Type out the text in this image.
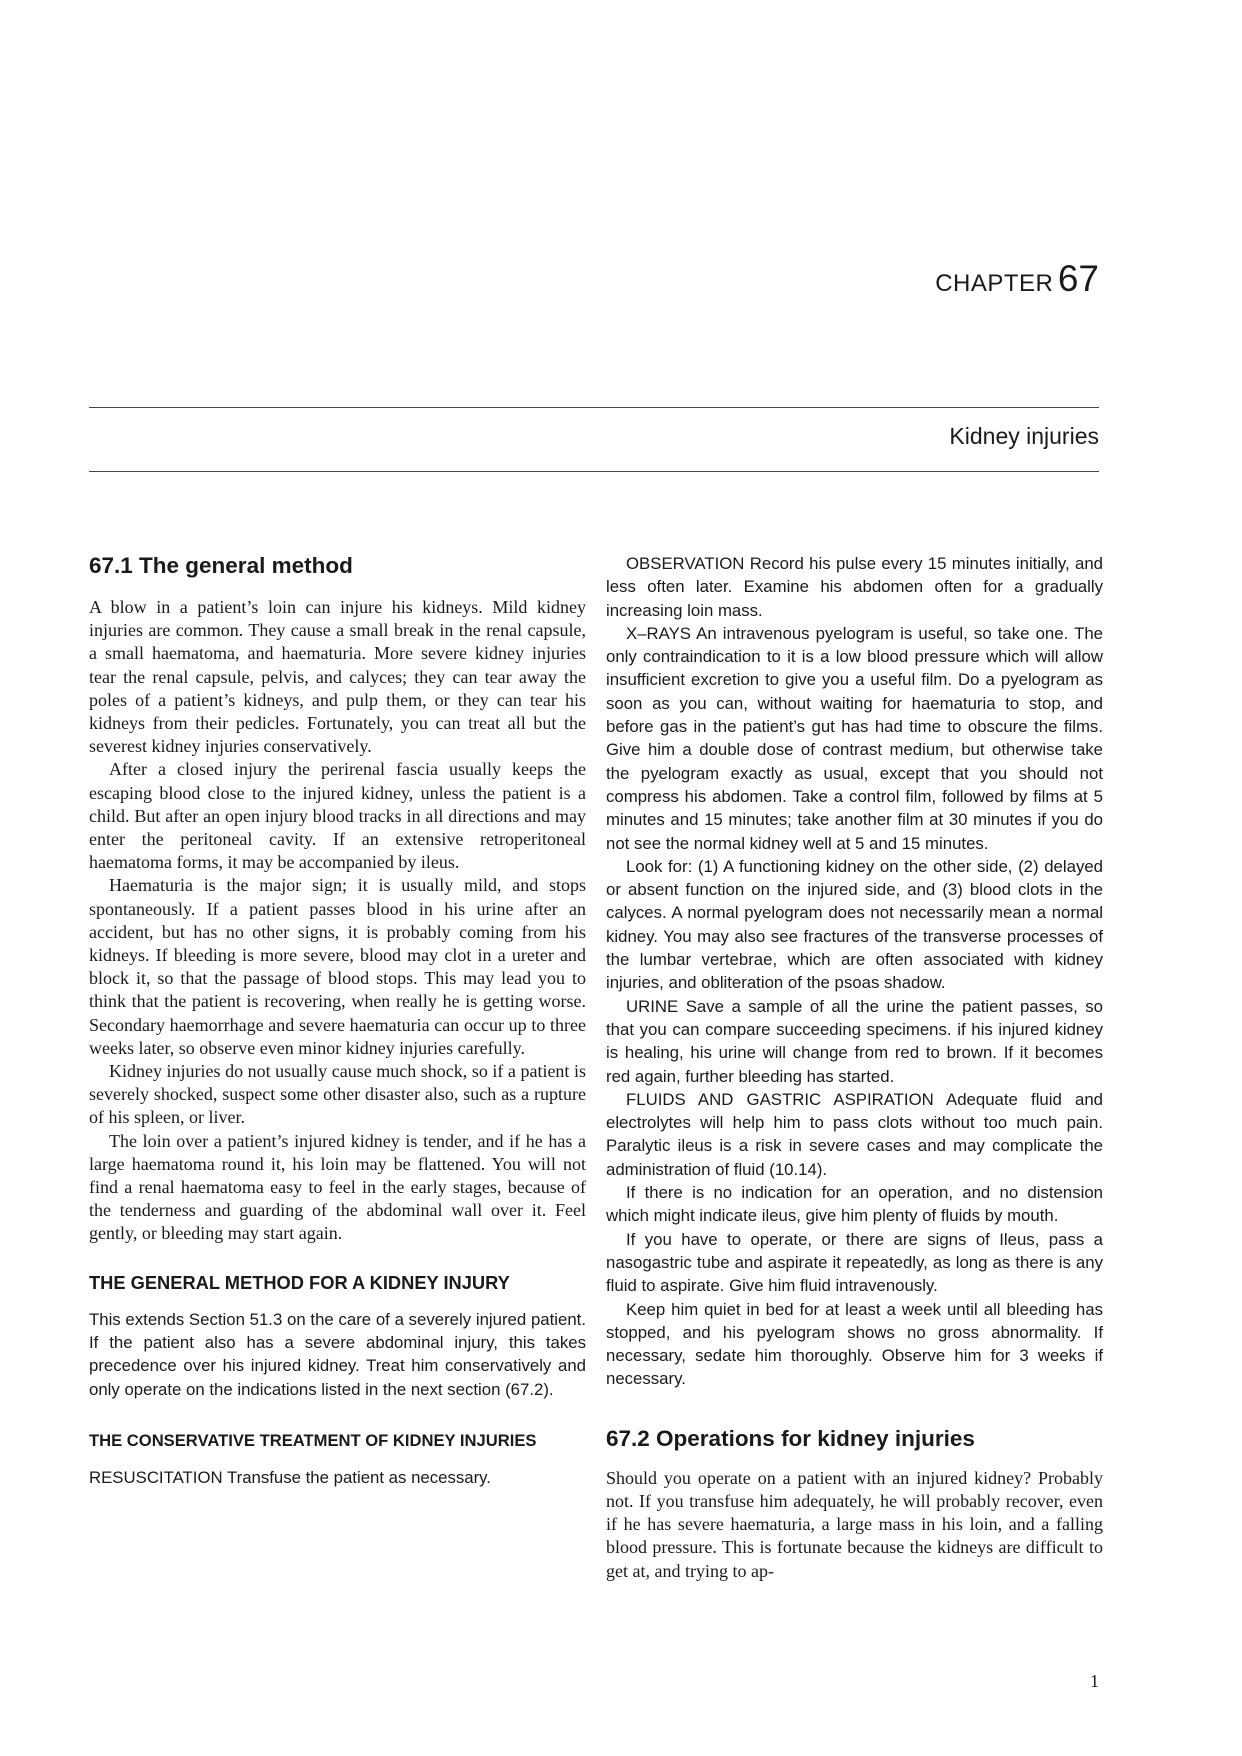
CHAPTER 67
Kidney injuries
67.1 The general method

A blow in a patient’s loin can injure his kidneys. Mild kidney injuries are common. They cause a small break in the renal capsule, a small haematoma, and haematuria. More severe kidney injuries tear the renal capsule, pelvis, and calyces; they can tear away the poles of a patient’s kidneys, and pulp them, or they can tear his kidneys from their pedicles. Fortunately, you can treat all but the severest kidney injuries conservatively.

After a closed injury the perirenal fascia usually keeps the escaping blood close to the injured kidney, unless the patient is a child. But after an open injury blood tracks in all directions and may enter the peritoneal cavity. If an extensive retroperitoneal haematoma forms, it may be accompanied by ileus.

Haematuria is the major sign; it is usually mild, and stops spontaneously. If a patient passes blood in his urine after an accident, but has no other signs, it is probably coming from his kidneys. If bleeding is more severe, blood may clot in a ureter and block it, so that the passage of blood stops. This may lead you to think that the patient is recovering, when really he is getting worse. Secondary haemorrhage and severe haematuria can occur up to three weeks later, so observe even minor kidney injuries carefully.

Kidney injuries do not usually cause much shock, so if a patient is severely shocked, suspect some other disaster also, such as a rupture of his spleen, or liver.

The loin over a patient’s injured kidney is tender, and if he has a large haematoma round it, his loin may be flattened. You will not find a renal haematoma easy to feel in the early stages, because of the tenderness and guarding of the abdominal wall over it. Feel gently, or bleeding may start again.

THE GENERAL METHOD FOR A KIDNEY INJURY

This extends Section 51.3 on the care of a severely injured patient. If the patient also has a severe abdominal injury, this takes precedence over his injured kidney. Treat him conservatively and only operate on the indications listed in the next section (67.2).

THE CONSERVATIVE TREATMENT OF KIDNEY INJURIES

RESUSCITATION Transfuse the patient as necessary.

OBSERVATION Record his pulse every 15 minutes initially, and less often later. Examine his abdomen often for a gradually increasing loin mass.

X–RAYS An intravenous pyelogram is useful, so take one. The only contraindication to it is a low blood pressure which will allow insufficient excretion to give you a useful film. Do a pyelogram as soon as you can, without waiting for haematuria to stop, and before gas in the patient’s gut has had time to obscure the films. Give him a double dose of contrast medium, but otherwise take the pyelogram exactly as usual, except that you should not compress his abdomen. Take a control film, followed by films at 5 minutes and 15 minutes; take another film at 30 minutes if you do not see the normal kidney well at 5 and 15 minutes.

Look for: (1) A functioning kidney on the other side, (2) delayed or absent function on the injured side, and (3) blood clots in the calyces. A normal pyelogram does not necessarily mean a normal kidney. You may also see fractures of the transverse processes of the lumbar vertebrae, which are often associated with kidney injuries, and obliteration of the psoas shadow.

URINE Save a sample of all the urine the patient passes, so that you can compare succeeding specimens. if his injured kidney is healing, his urine will change from red to brown. If it becomes red again, further bleeding has started.

FLUIDS AND GASTRIC ASPIRATION Adequate fluid and electrolytes will help him to pass clots without too much pain. Paralytic ileus is a risk in severe cases and may complicate the administration of fluid (10.14).

If there is no indication for an operation, and no distension which might indicate ileus, give him plenty of fluids by mouth.

If you have to operate, or there are signs of Ileus, pass a nasogastric tube and aspirate it repeatedly, as long as there is any fluid to aspirate. Give him fluid intravenously.

Keep him quiet in bed for at least a week until all bleeding has stopped, and his pyelogram shows no gross abnormality. If necessary, sedate him thoroughly. Observe him for 3 weeks if necessary.

67.2 Operations for kidney injuries

Should you operate on a patient with an injured kidney? Probably not. If you transfuse him adequately, he will probably recover, even if he has severe haematuria, a large mass in his loin, and a falling blood pressure. This is fortunate because the kidneys are difficult to get at, and trying to ap-

1
